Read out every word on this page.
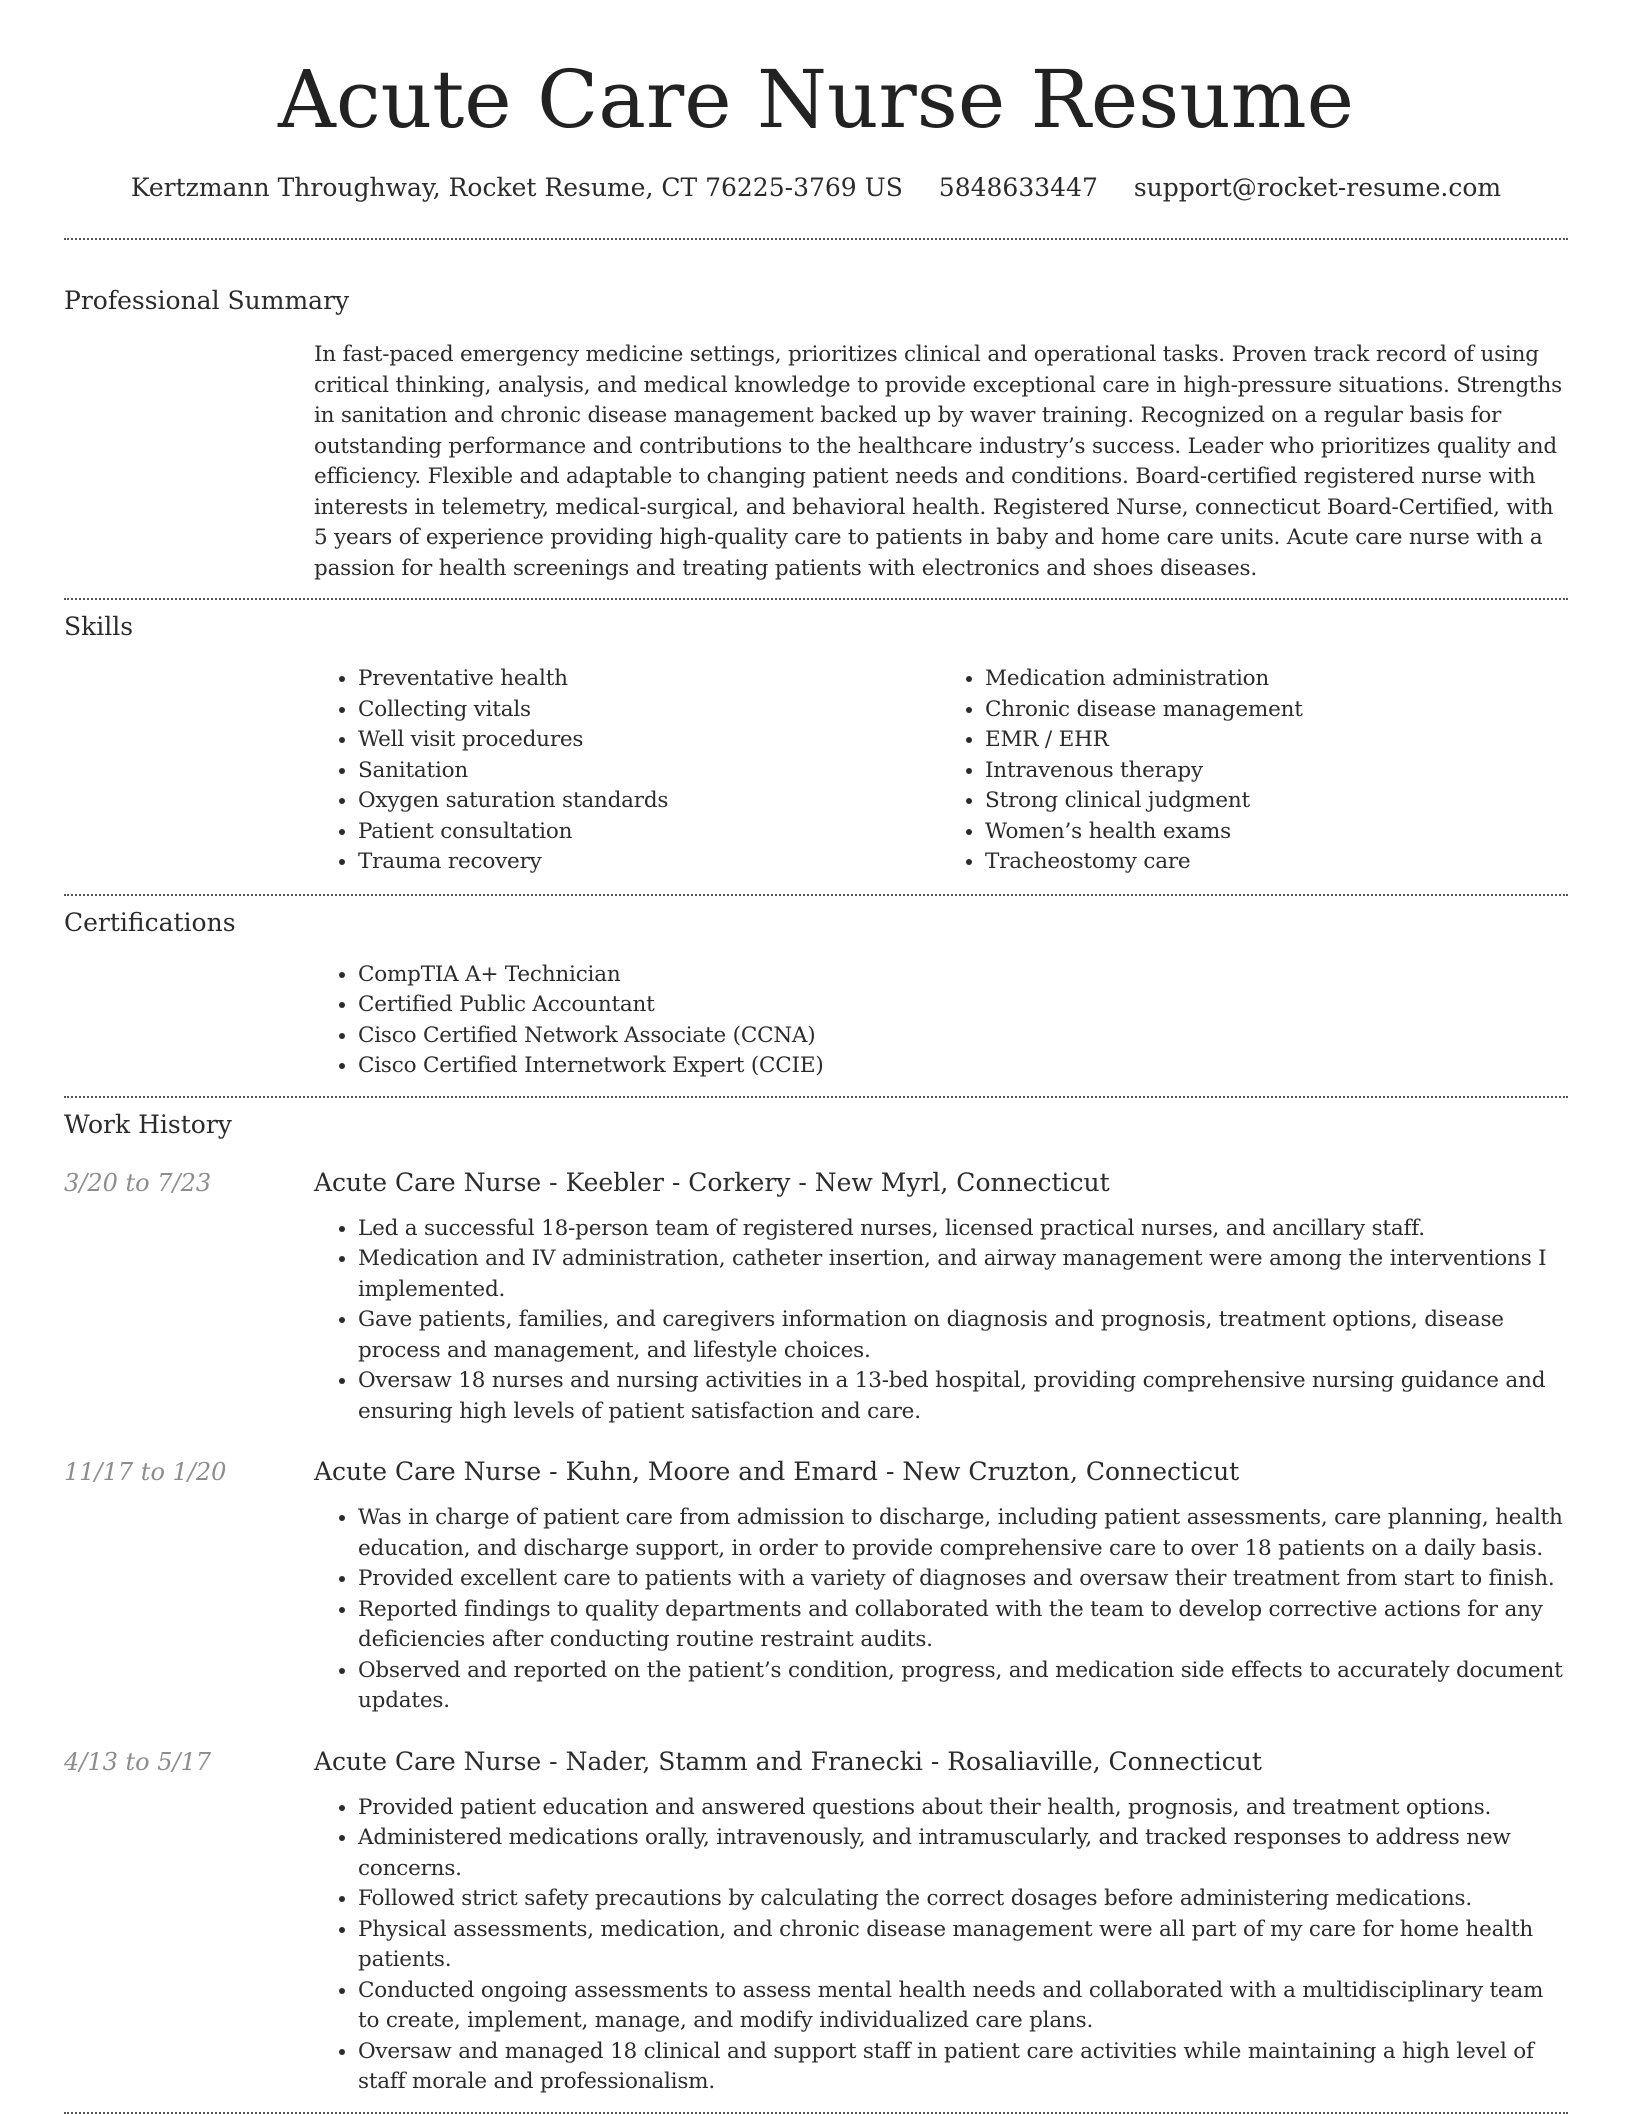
Acute Care Nurse Resume
Kertzmann Throughway, Rocket Resume, CT 76225-3769 US 5848633447 support@rocket-resume.com
Professional Summary
In fast-paced emergency medicine settings, prioritizes clinical and operational tasks. Proven track record of using critical thinking, analysis, and medical knowledge to provide exceptional care in high-pressure situations. Strengths in sanitation and chronic disease management backed up by waver training. Recognized on a regular basis for outstanding performance and contributions to the healthcare industry’s success. Leader who prioritizes quality and efficiency. Flexible and adaptable to changing patient needs and conditions. Board-certified registered nurse with interests in telemetry, medical-surgical, and behavioral health. Registered Nurse, connecticut Board-Certified, with 5 years of experience providing high-quality care to patients in baby and home care units. Acute care nurse with a passion for health screenings and treating patients with electronics and shoes diseases.
Skills
• Preventative health
• Collecting vitals
• Well visit procedures
• Sanitation
• Oxygen saturation standards
• Patient consultation
• Trauma recovery
• Medication administration
• Chronic disease management
• EMR / EHR
• Intravenous therapy
• Strong clinical judgment
• Women’s health exams
• Tracheostomy care
Certifications
• CompTIA A+ Technician
• Certified Public Accountant
• Cisco Certified Network Associate (CCNA)
• Cisco Certified Internetwork Expert (CCIE)
Work History
3/20 to 7/23	Acute Care Nurse - Keebler - Corkery - New Myrl, Connecticut
• Led a successful 18-person team of registered nurses, licensed practical nurses, and ancillary staff.
• Medication and IV administration, catheter insertion, and airway management were among the interventions I implemented.
• Gave patients, families, and caregivers information on diagnosis and prognosis, treatment options, disease process and management, and lifestyle choices.
• Oversaw 18 nurses and nursing activities in a 13-bed hospital, providing comprehensive nursing guidance and ensuring high levels of patient satisfaction and care.
11/17 to 1/20	Acute Care Nurse - Kuhn, Moore and Emard - New Cruzton, Connecticut
• Was in charge of patient care from admission to discharge, including patient assessments, care planning, health education, and discharge support, in order to provide comprehensive care to over 18 patients on a daily basis.
• Provided excellent care to patients with a variety of diagnoses and oversaw their treatment from start to finish.
• Reported findings to quality departments and collaborated with the team to develop corrective actions for any deficiencies after conducting routine restraint audits.
• Observed and reported on the patient’s condition, progress, and medication side effects to accurately document updates.
4/13 to 5/17	Acute Care Nurse - Nader, Stamm and Franecki - Rosaliaville, Connecticut
• Provided patient education and answered questions about their health, prognosis, and treatment options.
• Administered medications orally, intravenously, and intramuscularly, and tracked responses to address new concerns.
• Followed strict safety precautions by calculating the correct dosages before administering medications.
• Physical assessments, medication, and chronic disease management were all part of my care for home health patients.
• Conducted ongoing assessments to assess mental health needs and collaborated with a multidisciplinary team to create, implement, manage, and modify individualized care plans.
• Oversaw and managed 18 clinical and support staff in patient care activities while maintaining a high level of staff morale and professionalism.
